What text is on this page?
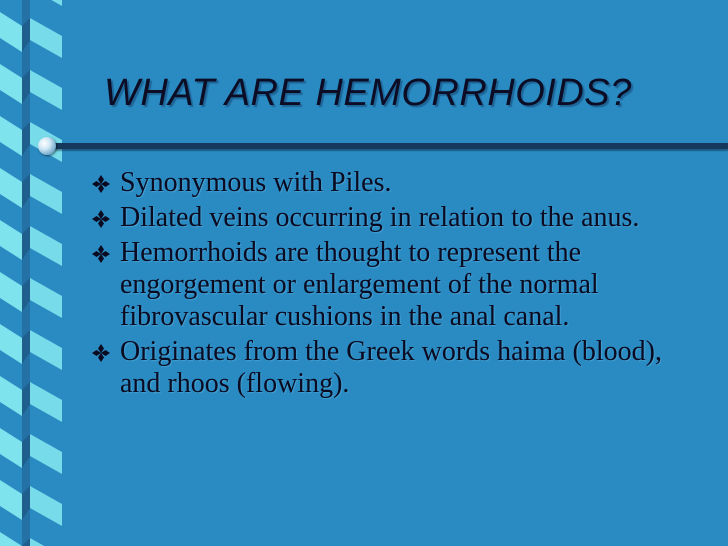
WHAT ARE HEMORRHOIDS?
Synonymous with Piles.
Dilated veins occurring in relation to the anus.
Hemorrhoids are thought to represent the engorgement or enlargement of the normal fibrovascular cushions in the anal canal.
Originates from the Greek words haima (blood), and rhoos (flowing).
